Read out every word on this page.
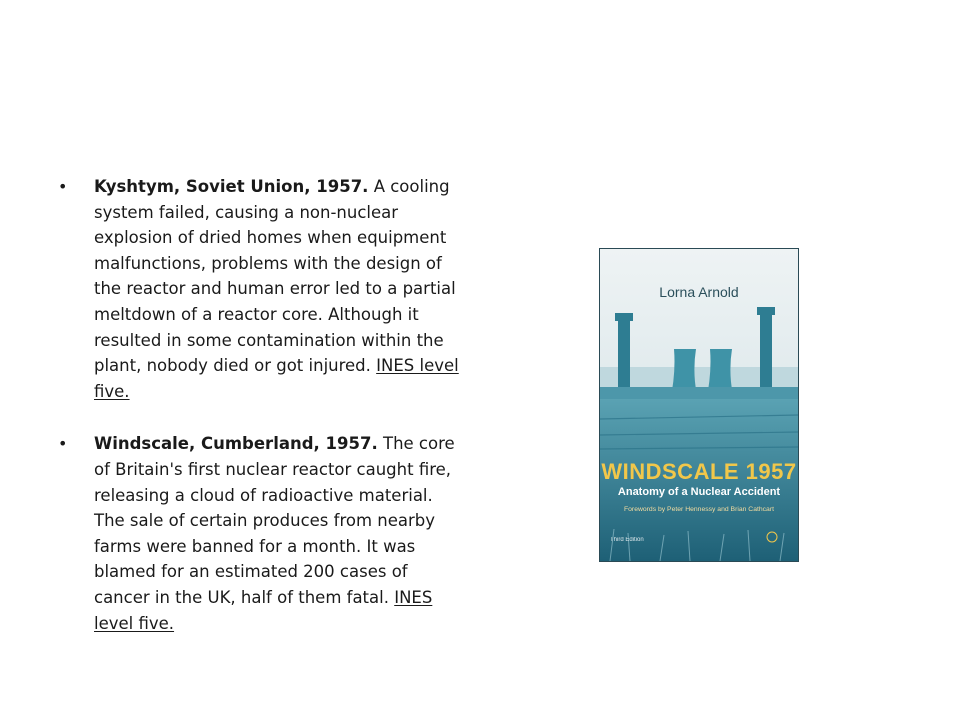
• Kyshtym, Soviet Union, 1957. A cooling system failed, causing a non-nuclear explosion of dried homes when equipment malfunctions, problems with the design of the reactor and human error led to a partial meltdown of a reactor core. Although it resulted in some contamination within the plant, nobody died or got injured. INES level five.
• Windscale, Cumberland, 1957. The core of Britain's first nuclear reactor caught fire, releasing a cloud of radioactive material. The sale of certain produces from nearby farms were banned for a month. It was blamed for an estimated 200 cases of cancer in the UK, half of them fatal. INES level five.
Lorna Arnold
WINDSCALE 1957
Anatomy of a Nuclear Accident
Forewords by Peter Hennessy and Brian Cathcart
Third Edition
